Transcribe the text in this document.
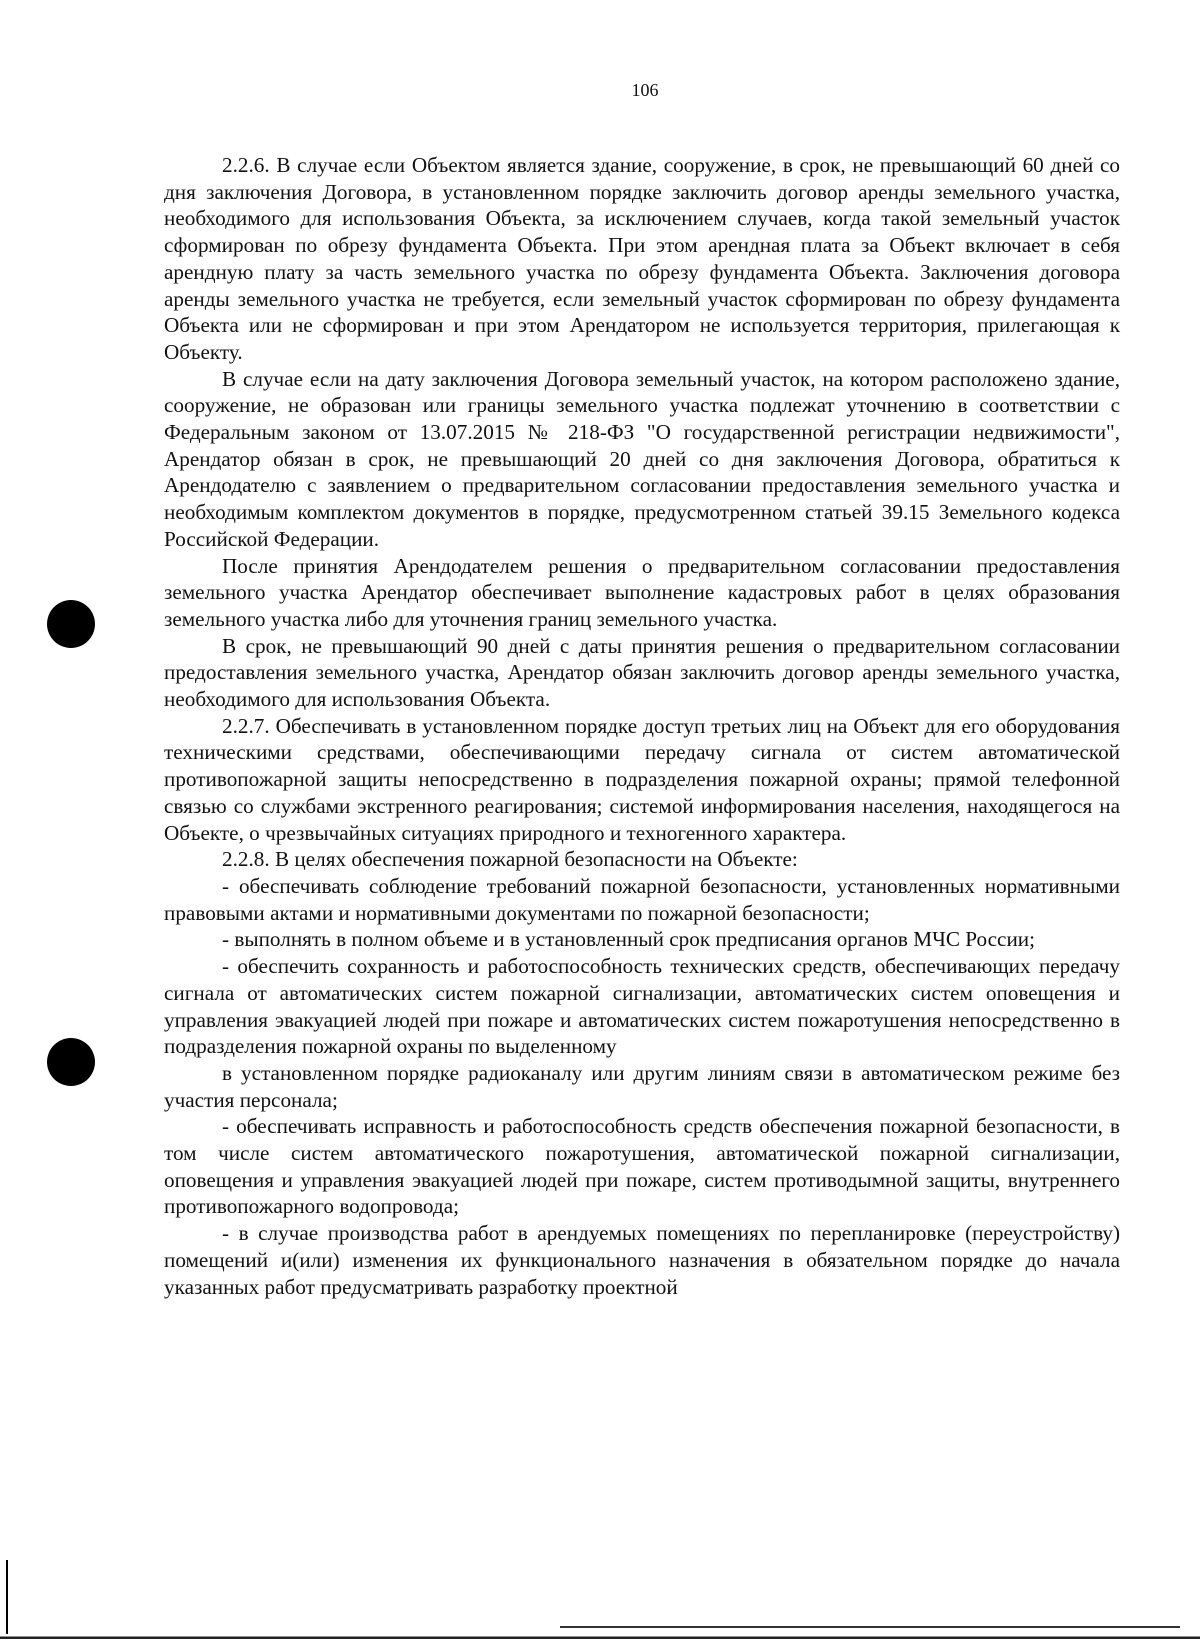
106

2.2.6. В случае если Объектом является здание, сооружение, в срок, не превышающий 60 дней со дня заключения Договора, в установленном порядке заключить договор аренды земельного участка, необходимого для использования Объекта, за исключением случаев, когда такой земельный участок сформирован по обрезу фундамента Объекта. При этом арендная плата за Объект включает в себя арендную плату за часть земельного участка по обрезу фундамента Объекта. Заключения договора аренды земельного участка не требуется, если земельный участок сформирован по обрезу фундамента Объекта или не сформирован и при этом Арендатором не используется территория, прилегающая к Объекту.

В случае если на дату заключения Договора земельный участок, на котором расположено здание, сооружение, не образован или границы земельного участка подлежат уточнению в соответствии с Федеральным законом от 13.07.2015 № 218-ФЗ "О государственной регистрации недвижимости", Арендатор обязан в срок, не превышающий 20 дней со дня заключения Договора, обратиться к Арендодателю с заявлением о предварительном согласовании предоставления земельного участка и необходимым комплектом документов в порядке, предусмотренном статьей 39.15 Земельного кодекса Российской Федерации.

После принятия Арендодателем решения о предварительном согласовании предоставления земельного участка Арендатор обеспечивает выполнение кадастровых работ в целях образования земельного участка либо для уточнения границ земельного участка.

В срок, не превышающий 90 дней с даты принятия решения о предварительном согласовании предоставления земельного участка, Арендатор обязан заключить договор аренды земельного участка, необходимого для использования Объекта.

2.2.7. Обеспечивать в установленном порядке доступ третьих лиц на Объект для его оборудования техническими средствами, обеспечивающими передачу сигнала от систем автоматической противопожарной защиты непосредственно в подразделения пожарной охраны; прямой телефонной связью со службами экстренного реагирования; системой информирования населения, находящегося на Объекте, о чрезвычайных ситуациях природного и техногенного характера.

2.2.8. В целях обеспечения пожарной безопасности на Объекте:

- обеспечивать соблюдение требований пожарной безопасности, установленных нормативными правовыми актами и нормативными документами по пожарной безопасности;

- выполнять в полном объеме и в установленный срок предписания органов МЧС России;

- обеспечить сохранность и работоспособность технических средств, обеспечивающих передачу сигнала от автоматических систем пожарной сигнализации, автоматических систем оповещения и управления эвакуацией людей при пожаре и автоматических систем пожаротушения непосредственно в подразделения пожарной охраны по выделенному

в установленном порядке радиоканалу или другим линиям связи в автоматическом режиме без участия персонала;

- обеспечивать исправность и работоспособность средств обеспечения пожарной безопасности, в том числе систем автоматического пожаротушения, автоматической пожарной сигнализации, оповещения и управления эвакуацией людей при пожаре, систем противодымной защиты, внутреннего противопожарного водопровода;

- в случае производства работ в арендуемых помещениях по перепланировке (переустройству) помещений и(или) изменения их функционального назначения в обязательном порядке до начала указанных работ предусматривать разработку проектной
